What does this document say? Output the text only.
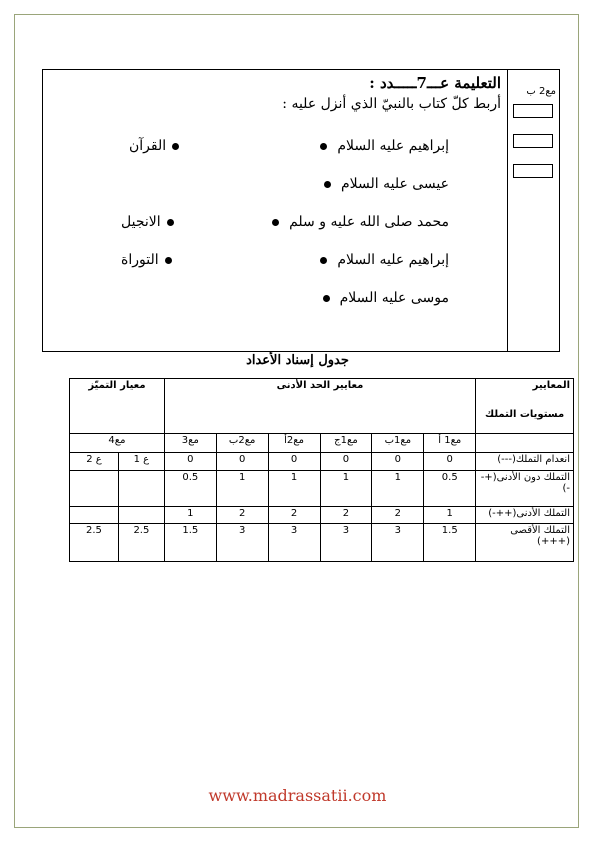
مع2 ب
التعليمة عـــ7ـــــدد :
أربط كلّ كتاب بالنبيّ الذي أنزل عليه :
إبراهيم عليه السلام
عيسى عليه السلام
محمد صلى الله عليه و سلم
إبراهيم عليه السلام
موسى عليه السلام
القرآن
الانجيل
التوراة
جدول إسناد الأعداد
المعايير
مستويات التملك	معايير الحد الأدنى						معيار التميّز	
	مع1 أ	مع1ب	مع1ج	مع2أ	مع2ب	مع3	مع4	
انعدام التملك(---)	0	0	0	0	0	0	ع 1	ع 2
التملك دون الأدنى(+--)	0.5	1	1	1	1	0.5		
التملك الأدنى(++-)	1	2	2	2	2	1		
التملك الأقصى (+++)	1.5	3	3	3	3	1.5	2.5	2.5
www.madrassatii.com
